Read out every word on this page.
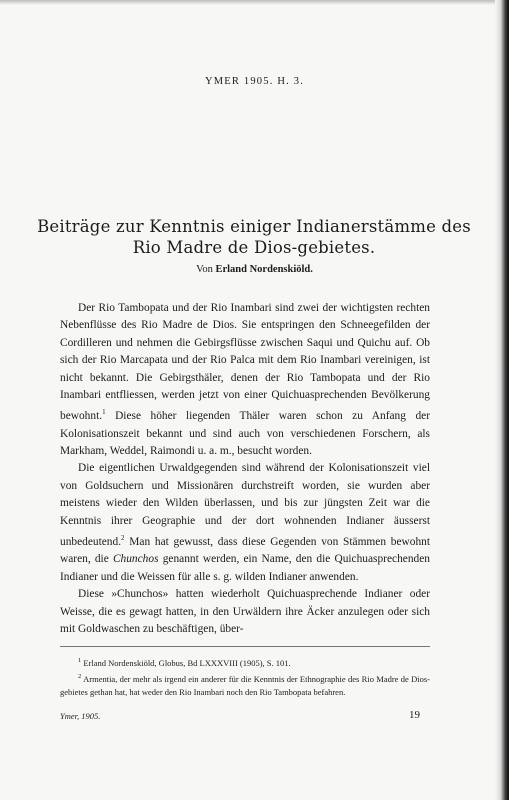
YMER 1905. H. 3.
Beiträge zur Kenntnis einiger Indianerstämme des
Rio Madre de Dios-gebietes.
Von Erland Nordenskiöld.

Der Rio Tambopata und der Rio Inambari sind zwei der wichtigsten rechten Nebenflüsse des Rio Madre de Dios. Sie entspringen den Schneegefilden der Cordilleren und nehmen die Gebirgsflüsse zwischen Saqui und Quichu auf. Ob sich der Rio Marcapata und der Rio Palca mit dem Rio Inambari vereinigen, ist nicht bekannt. Die Gebirgsthäler, denen der Rio Tambopata und der Rio Inambari entfliessen, werden jetzt von einer Quichuasprechenden Bevölkerung bewohnt.$^1$ Diese höher liegenden Thäler waren schon zu Anfang der Kolonisationszeit bekannt und sind auch von verschiedenen Forschern, als Markham, Weddel, Raimondi u. a. m., besucht worden.

Die eigentlichen Urwaldgegenden sind während der Kolonisationszeit viel von Goldsuchern und Missionären durchstreift worden, sie wurden aber meistens wieder den Wilden überlassen, und bis zur jüngsten Zeit war die Kenntnis ihrer Geographie und der dort wohnenden Indianer äusserst unbedeutend.$^2$ Man hat gewusst, dass diese Gegenden von Stämmen bewohnt waren, die Chunchos genannt werden, ein Name, den die Quichuasprechenden Indianer und die Weissen für alle s. g. wilden Indianer anwenden.

Diese »Chunchos» hatten wiederholt Quichuasprechende Indianer oder Weisse, die es gewagt hatten, in den Urwäldern ihre Äcker anzulegen oder sich mit Goldwaschen zu beschäftigen, über-

$^1$ Erland Nordenskiöld, Globus, Bd LXXXVIII (1905), S. 101.

$^2$ Armentia, der mehr als irgend ein anderer für die Kenntnis der Ethnographie des Rio Madre de Dios-gebietes gethan hat, hat weder den Rio Inambari noch den Rio Tambopata befahren.

Ymer, 1905.	19
